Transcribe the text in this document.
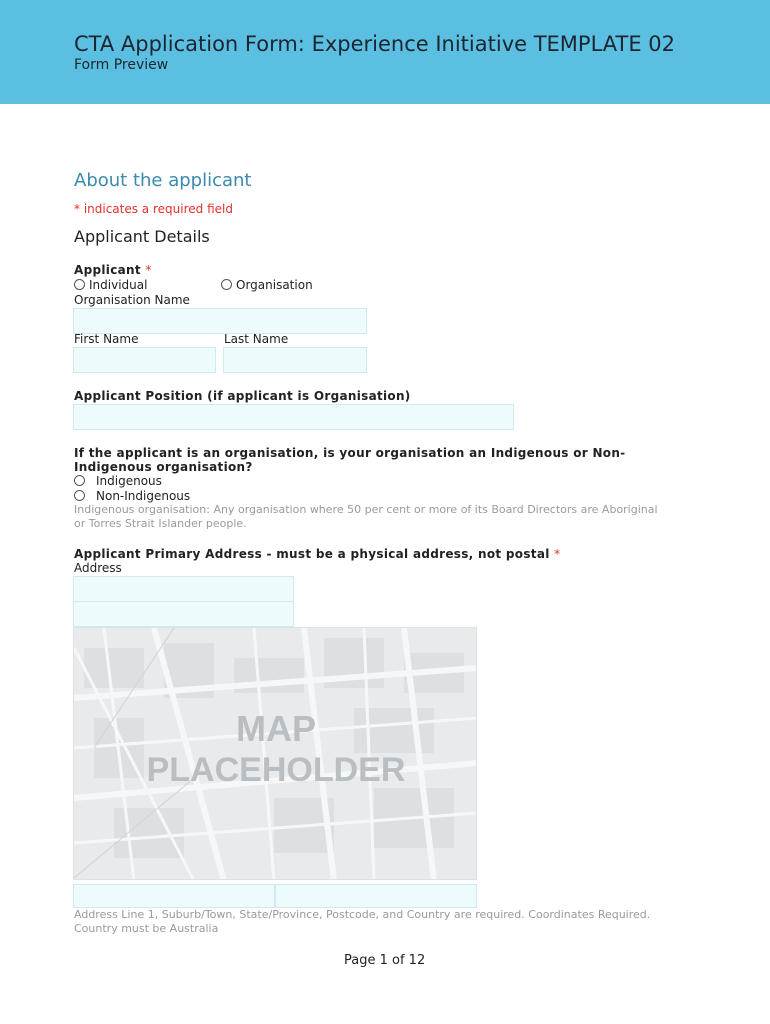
CTA Application Form: Experience Initiative TEMPLATE 02
Form Preview
About the applicant
* indicates a required field
Applicant Details
Applicant *
Individual	Organisation
Organisation Name
First Name	Last Name
Applicant Position (if applicant is Organisation)
If the applicant is an organisation, is your organisation an Indigenous or Non-
Indigenous organisation?
Indigenous
Non-Indigenous
Indigenous organisation: Any organisation where 50 per cent or more of its Board Directors are Aboriginal or Torres Strait Islander people.
Applicant Primary Address - must be a physical address, not postal *
Address
MAP
PLACEHOLDER
Address Line 1, Suburb/Town, State/Province, Postcode, and Country are required. Coordinates Required. Country must be Australia
Page 1 of 12
